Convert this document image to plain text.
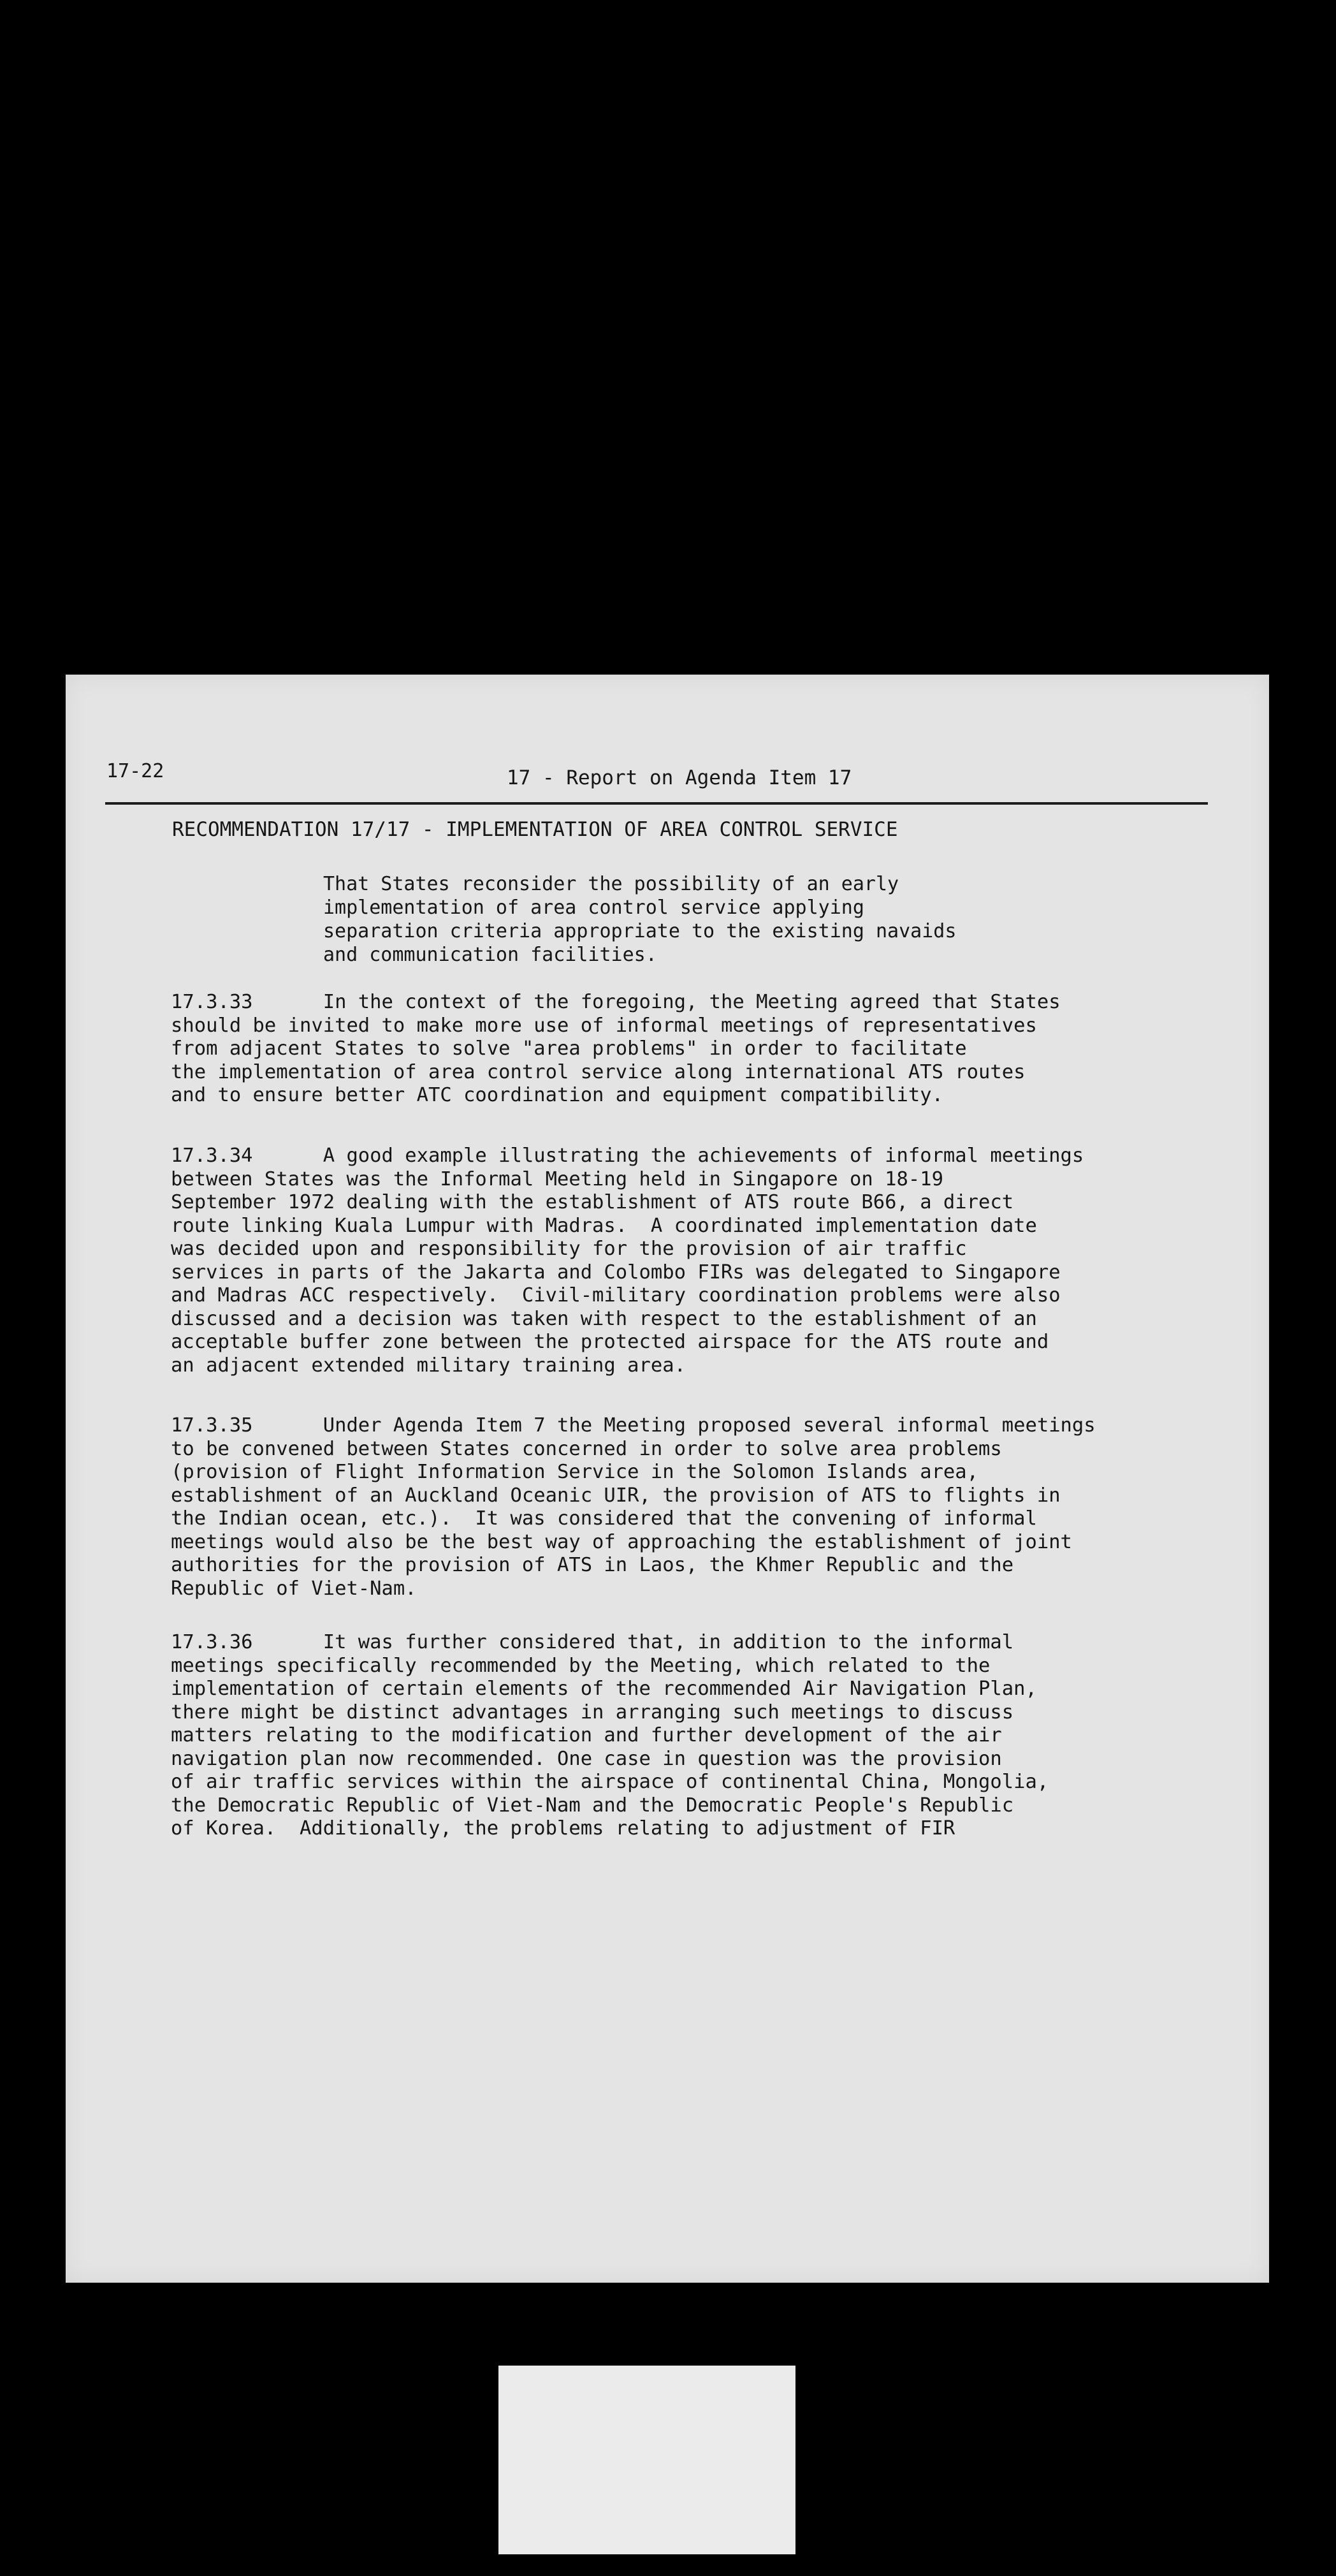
17-22	17 - Report on Agenda Item 17

RECOMMENDATION 17/17 - IMPLEMENTATION OF AREA CONTROL SERVICE

That States reconsider the possibility of an early
implementation of area control service applying
separation criteria appropriate to the existing navaids
and communication facilities.

17.3.33      In the context of the foregoing, the Meeting agreed that States
should be invited to make more use of informal meetings of representatives
from adjacent States to solve "area problems" in order to facilitate
the implementation of area control service along international ATS routes
and to ensure better ATC coordination and equipment compatibility.

17.3.34      A good example illustrating the achievements of informal meetings
between States was the Informal Meeting held in Singapore on 18-19
September 1972 dealing with the establishment of ATS route B66, a direct
route linking Kuala Lumpur with Madras.  A coordinated implementation date
was decided upon and responsibility for the provision of air traffic
services in parts of the Jakarta and Colombo FIRs was delegated to Singapore
and Madras ACC respectively.  Civil-military coordination problems were also
discussed and a decision was taken with respect to the establishment of an
acceptable buffer zone between the protected airspace for the ATS route and
an adjacent extended military training area.

17.3.35      Under Agenda Item 7 the Meeting proposed several informal meetings
to be convened between States concerned in order to solve area problems
(provision of Flight Information Service in the Solomon Islands area,
establishment of an Auckland Oceanic UIR, the provision of ATS to flights in
the Indian ocean, etc.).  It was considered that the convening of informal
meetings would also be the best way of approaching the establishment of joint
authorities for the provision of ATS in Laos, the Khmer Republic and the
Republic of Viet-Nam.

17.3.36      It was further considered that, in addition to the informal
meetings specifically recommended by the Meeting, which related to the
implementation of certain elements of the recommended Air Navigation Plan,
there might be distinct advantages in arranging such meetings to discuss
matters relating to the modification and further development of the air
navigation plan now recommended. One case in question was the provision
of air traffic services within the airspace of continental China, Mongolia,
the Democratic Republic of Viet-Nam and the Democratic People's Republic
of Korea.  Additionally, the problems relating to adjustment of FIR
